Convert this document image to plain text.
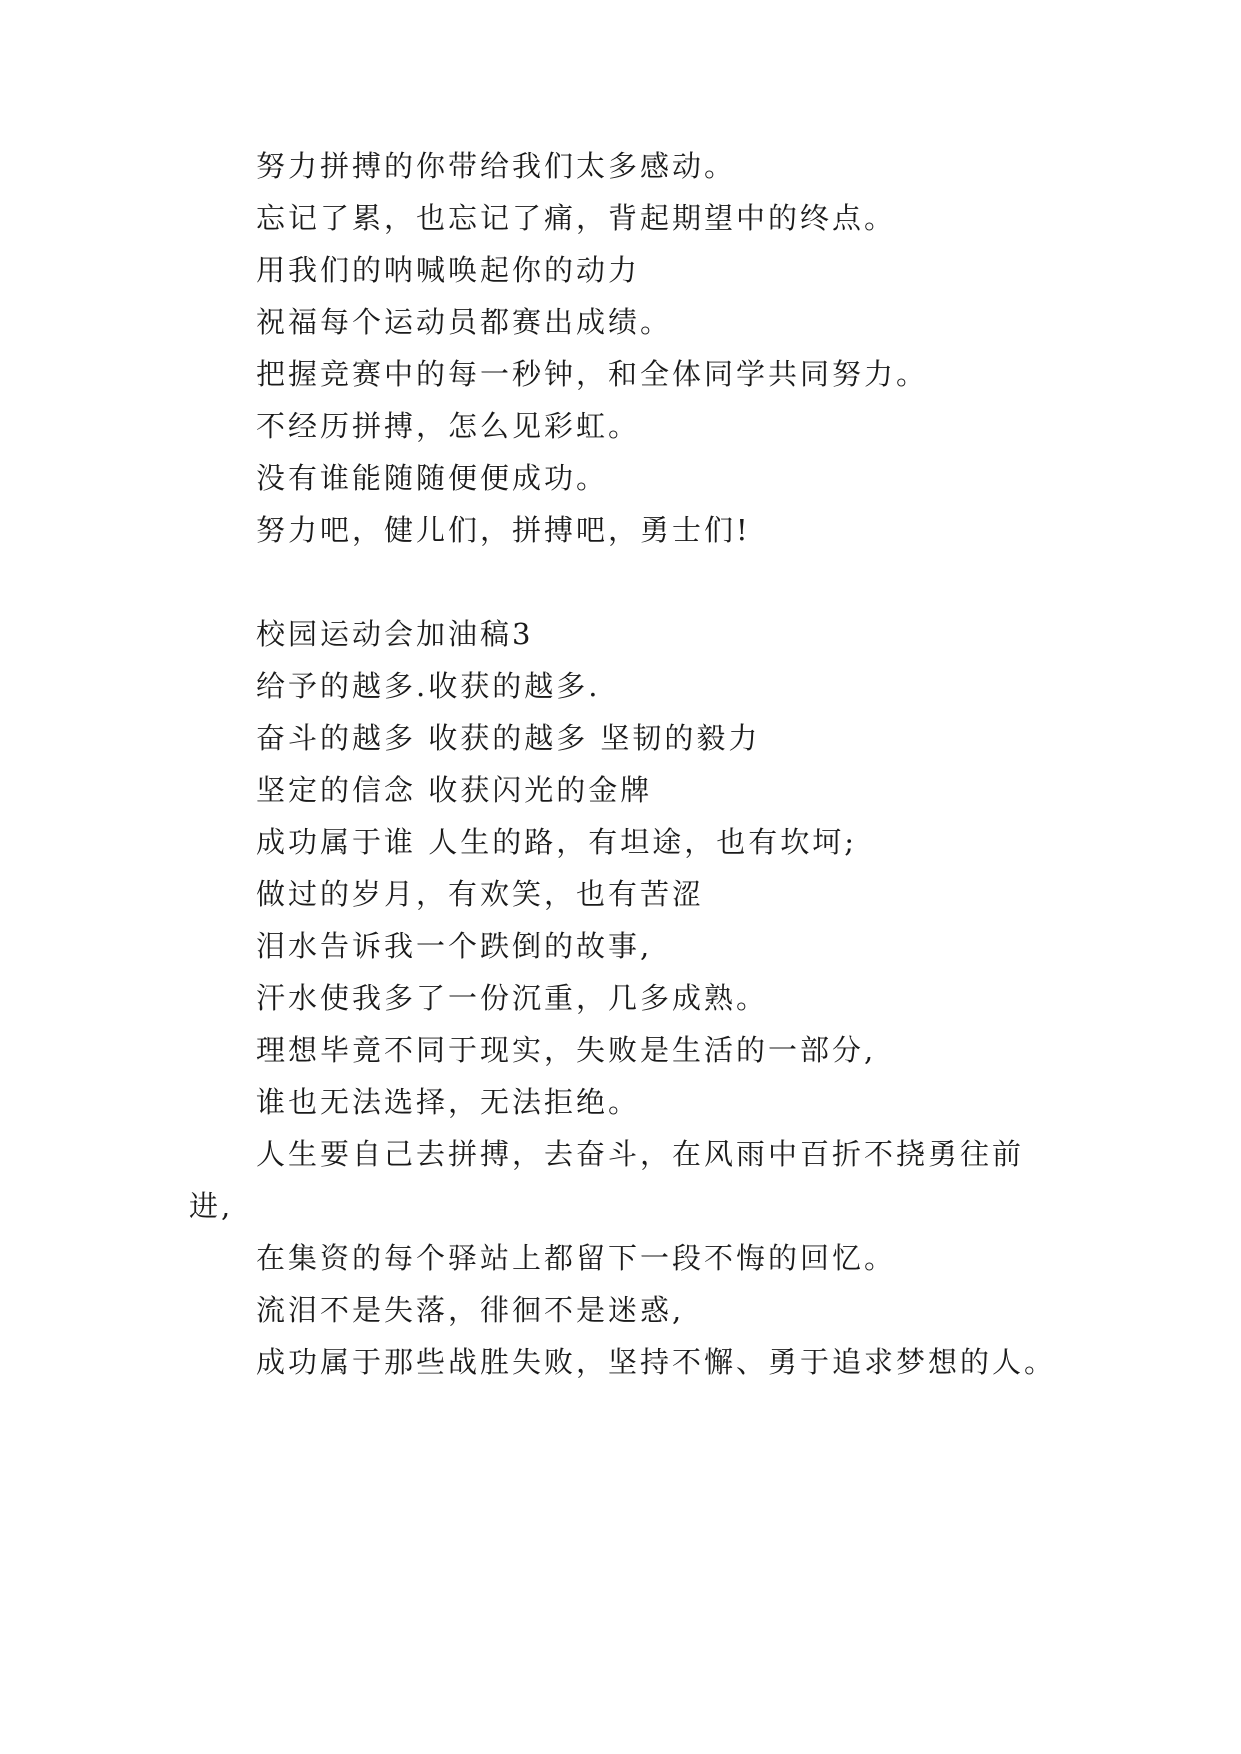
努力拼搏的你带给我们太多感动。
忘记了累，也忘记了痛，背起期望中的终点。
用我们的呐喊唤起你的动力
祝福每个运动员都赛出成绩。
把握竞赛中的每一秒钟，和全体同学共同努力。
不经历拼搏，怎么见彩虹。
没有谁能随随便便成功。
努力吧，健儿们，拼搏吧，勇士们!
校园运动会加油稿3
给予的越多.收获的越多.
奋斗的越多 收获的越多 坚韧的毅力
坚定的信念 收获闪光的金牌
成功属于谁 人生的路，有坦途，也有坎坷;
做过的岁月，有欢笑，也有苦涩
泪水告诉我一个跌倒的故事,
汗水使我多了一份沉重，几多成熟。
理想毕竟不同于现实，失败是生活的一部分,
谁也无法选择，无法拒绝。
人生要自己去拼搏，去奋斗，在风雨中百折不挠勇往前
进,
在集资的每个驿站上都留下一段不悔的回忆。
流泪不是失落，徘徊不是迷惑,
成功属于那些战胜失败，坚持不懈、勇于追求梦想的人。
